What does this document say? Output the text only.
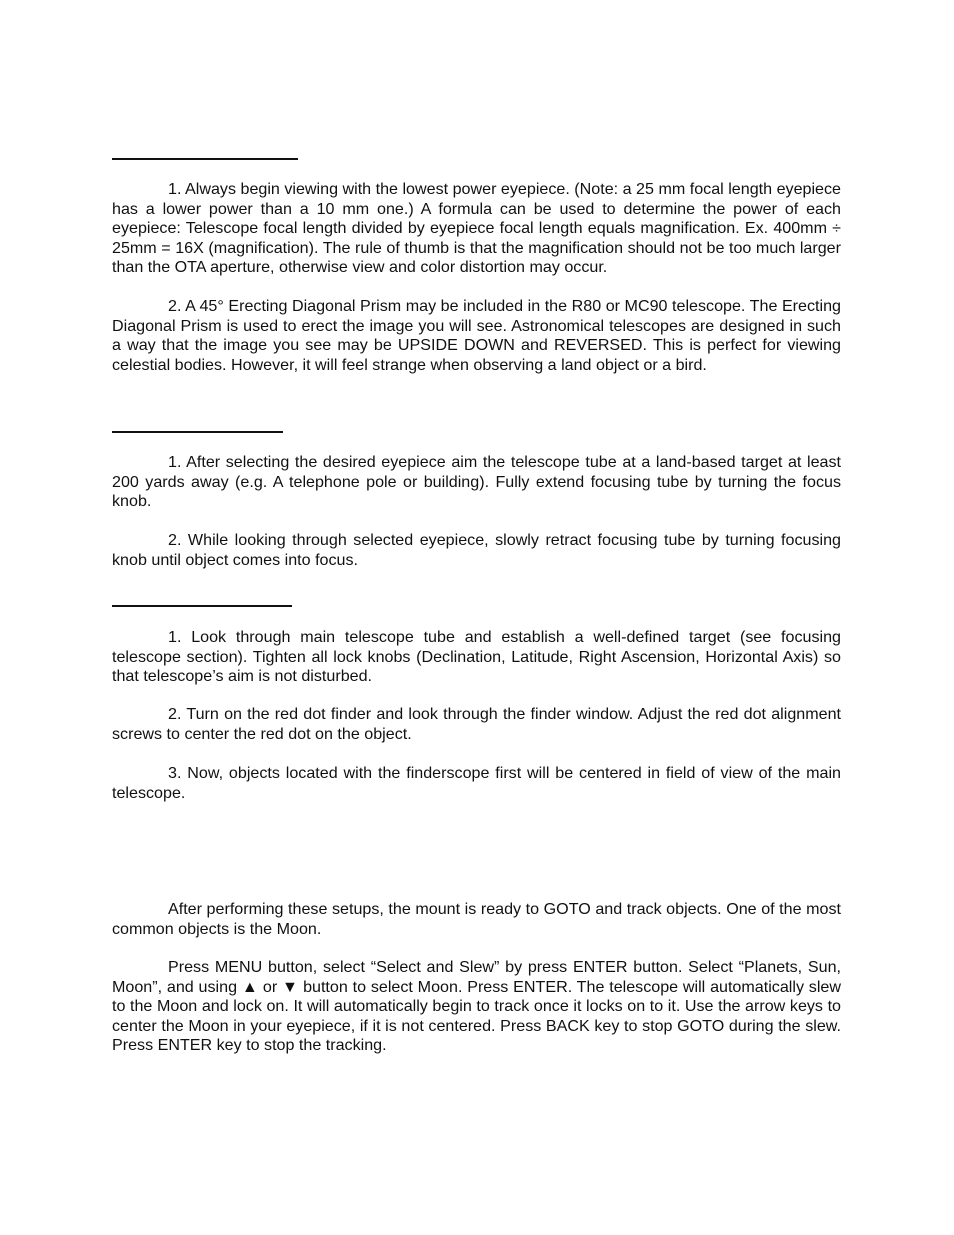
1. Always begin viewing with the lowest power eyepiece. (Note: a 25 mm focal length eyepiece has a lower power than a 10 mm one.) A formula can be used to determine the power of each eyepiece: Telescope focal length divided by eyepiece focal length equals magnification. Ex. 400mm ÷ 25mm = 16X (magnification). The rule of thumb is that the magnification should not be too much larger than the OTA aperture, otherwise view and color distortion may occur.

2. A 45° Erecting Diagonal Prism may be included in the R80 or MC90 telescope. The Erecting Diagonal Prism is used to erect the image you will see. Astronomical telescopes are designed in such a way that the image you see may be UPSIDE DOWN and REVERSED. This is perfect for viewing celestial bodies. However, it will feel strange when observing a land object or a bird.

1. After selecting the desired eyepiece aim the telescope tube at a land-based target at least 200 yards away (e.g. A telephone pole or building). Fully extend focusing tube by turning the focus knob.

2. While looking through selected eyepiece, slowly retract focusing tube by turning focusing knob until object comes into focus.

1. Look through main telescope tube and establish a well-defined target (see focusing telescope section). Tighten all lock knobs (Declination, Latitude, Right Ascension, Horizontal Axis) so that telescope’s aim is not disturbed.

2. Turn on the red dot finder and look through the finder window. Adjust the red dot alignment screws to center the red dot on the object.

3. Now, objects located with the finderscope first will be centered in field of view of the main telescope.

After performing these setups, the mount is ready to GOTO and track objects. One of the most common objects is the Moon.

Press MENU button, select “Select and Slew” by press ENTER button. Select “Planets, Sun, Moon”, and using ▲ or ▼ button to select Moon. Press ENTER. The telescope will automatically slew to the Moon and lock on. It will automatically begin to track once it locks on to it. Use the arrow keys to center the Moon in your eyepiece, if it is not centered. Press BACK key to stop GOTO during the slew. Press ENTER key to stop the tracking.
